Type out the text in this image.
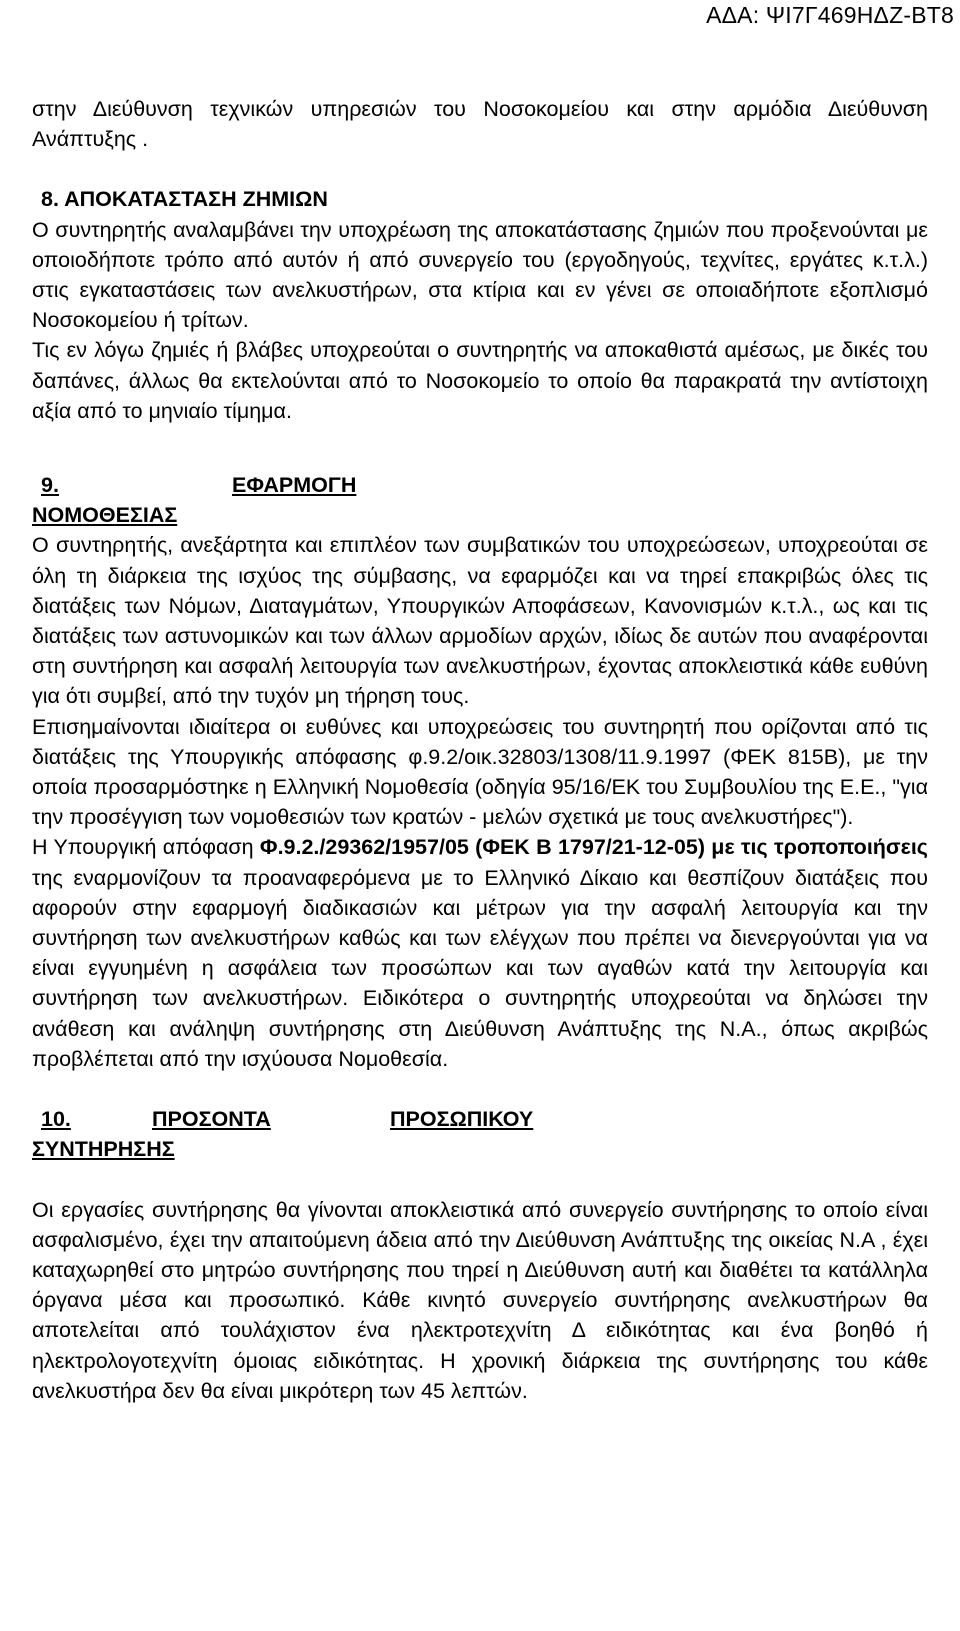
ΑΔΑ: ΨΙ7Γ469ΗΔΖ-ΒΤ8
στην Διεύθυνση τεχνικών υπηρεσιών του Νοσοκομείου και στην αρμόδια Διεύθυνση Ανάπτυξης .
8. ΑΠΟΚΑΤΑΣΤΑΣΗ ΖΗΜΙΩΝ
Ο συντηρητής αναλαμβάνει την υποχρέωση της αποκατάστασης ζημιών που προξενούνται με οποιοδήποτε τρόπο από αυτόν ή από συνεργείο του (εργοδηγούς, τεχνίτες, εργάτες κ.τ.λ.) στις εγκαταστάσεις των ανελκυστήρων, στα κτίρια και εν γένει σε οποιαδήποτε εξοπλισμό Νοσοκομείου ή τρίτων.
Τις εν λόγω ζημιές ή βλάβες υποχρεούται ο συντηρητής να αποκαθιστά αμέσως, με δικές του δαπάνες, άλλως θα εκτελούνται από το Νοσοκομείο το οποίο θα παρακρατά την αντίστοιχη αξία από το μηνιαίο τίμημα.
9.	ΕΦΑΡΜΟΓΗ
ΝΟΜΟΘΕΣΙΑΣ
Ο συντηρητής, ανεξάρτητα και επιπλέον των συμβατικών του υποχρεώσεων, υποχρεούται σε όλη τη διάρκεια της ισχύος της σύμβασης, να εφαρμόζει και να τηρεί επακριβώς όλες τις διατάξεις των Νόμων, Διαταγμάτων, Υπουργικών Αποφάσεων, Κανονισμών κ.τ.λ., ως και τις διατάξεις των αστυνομικών και των άλλων αρμοδίων αρχών, ιδίως δε αυτών που αναφέρονται στη συντήρηση και ασφαλή λειτουργία των ανελκυστήρων, έχοντας αποκλειστικά κάθε ευθύνη για ότι συμβεί, από την τυχόν μη τήρηση τους.
Επισημαίνονται ιδιαίτερα οι ευθύνες και υποχρεώσεις του συντηρητή που ορίζονται από τις διατάξεις της Υπουργικής απόφασης φ.9.2/οικ.32803/1308/11.9.1997 (ΦΕΚ 815Β), με την οποία προσαρμόστηκε η Ελληνική Νομοθεσία (οδηγία 95/16/ΕΚ του Συμβουλίου της Ε.Ε., "για την προσέγγιση των νομοθεσιών των κρατών - μελών σχετικά με τους ανελκυστήρες").
Η Υπουργική απόφαση Φ.9.2./29362/1957/05 (ΦΕΚ Β 1797/21-12-05) με τις τροποποιήσεις της εναρμονίζουν τα προαναφερόμενα με το Ελληνικό Δίκαιο και θεσπίζουν διατάξεις που αφορούν στην εφαρμογή διαδικασιών και μέτρων για την ασφαλή λειτουργία και την συντήρηση των ανελκυστήρων καθώς και των ελέγχων που πρέπει να διενεργούνται για να είναι εγγυημένη η ασφάλεια των προσώπων και των αγαθών κατά την λειτουργία και συντήρηση των ανελκυστήρων. Ειδικότερα ο συντηρητής υποχρεούται να δηλώσει την ανάθεση και ανάληψη συντήρησης στη Διεύθυνση Ανάπτυξης της Ν.Α., όπως ακριβώς προβλέπεται από την ισχύουσα Νομοθεσία.
10.	ΠΡΟΣΟΝΤΑ	ΠΡΟΣΩΠΙΚΟΥ
ΣΥΝΤΗΡΗΣΗΣ
Οι εργασίες συντήρησης θα γίνονται αποκλειστικά από συνεργείο συντήρησης το οποίο είναι ασφαλισμένο, έχει την απαιτούμενη άδεια από την Διεύθυνση Ανάπτυξης της οικείας Ν.Α , έχει καταχωρηθεί στο μητρώο συντήρησης που τηρεί η Διεύθυνση αυτή και διαθέτει τα κατάλληλα όργανα μέσα και προσωπικό. Κάθε κινητό συνεργείο συντήρησης ανελκυστήρων θα αποτελείται από τουλάχιστον ένα ηλεκτροτεχνίτη Δ ειδικότητας και ένα βοηθό ή ηλεκτρολογοτεχνίτη όμοιας ειδικότητας. Η χρονική διάρκεια της συντήρησης του κάθε ανελκυστήρα δεν θα είναι μικρότερη των 45 λεπτών.
